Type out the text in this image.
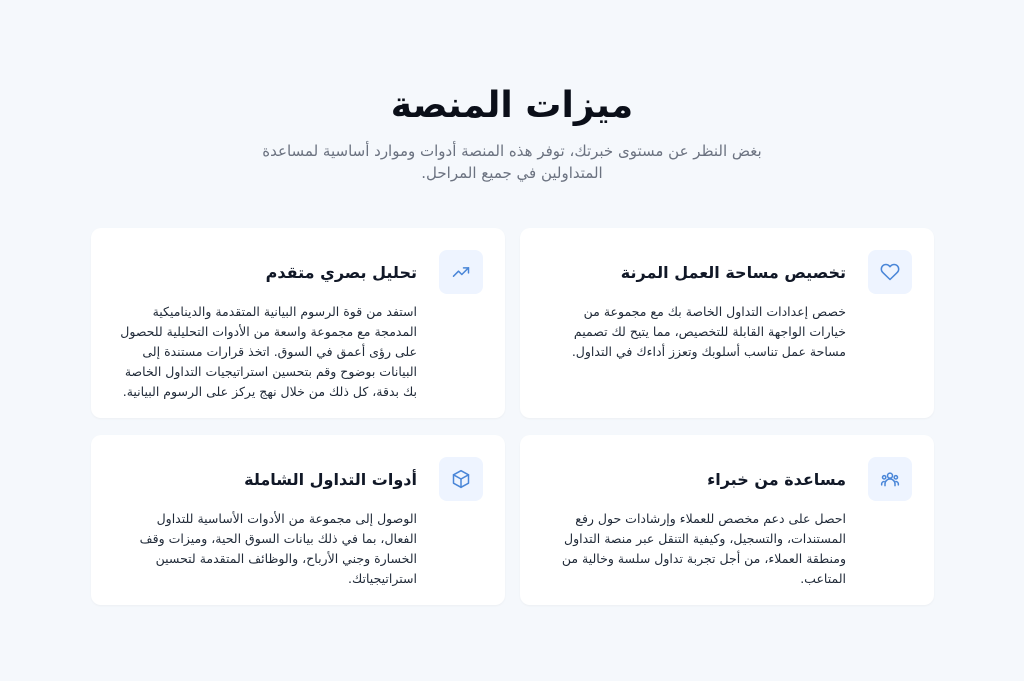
ميزات المنصة

بغض النظر عن مستوى خبرتك، توفر هذه المنصة أدوات وموارد أساسية لمساعدة المتداولين في جميع المراحل.

تخصيص مساحة العمل المرنة
خصص إعدادات التداول الخاصة بك مع مجموعة من خيارات الواجهة القابلة للتخصيص، مما يتيح لك تصميم مساحة عمل تناسب أسلوبك وتعزز أداءك في التداول.
تحليل بصري متقدم
استفد من قوة الرسوم البيانية المتقدمة والديناميكية المدمجة مع مجموعة واسعة من الأدوات التحليلية للحصول على رؤى أعمق في السوق. اتخذ قرارات مستندة إلى البيانات بوضوح وقم بتحسين استراتيجيات التداول الخاصة بك بدقة، كل ذلك من خلال نهج يركز على الرسوم البيانية.
مساعدة من خبراء
احصل على دعم مخصص للعملاء وإرشادات حول رفع المستندات، والتسجيل، وكيفية التنقل عبر منصة التداول ومنطقة العملاء، من أجل تجربة تداول سلسة وخالية من المتاعب.
أدوات التداول الشاملة
الوصول إلى مجموعة من الأدوات الأساسية للتداول الفعال، بما في ذلك بيانات السوق الحية، وميزات وقف الخسارة وجني الأرباح، والوظائف المتقدمة لتحسين استراتيجياتك.
